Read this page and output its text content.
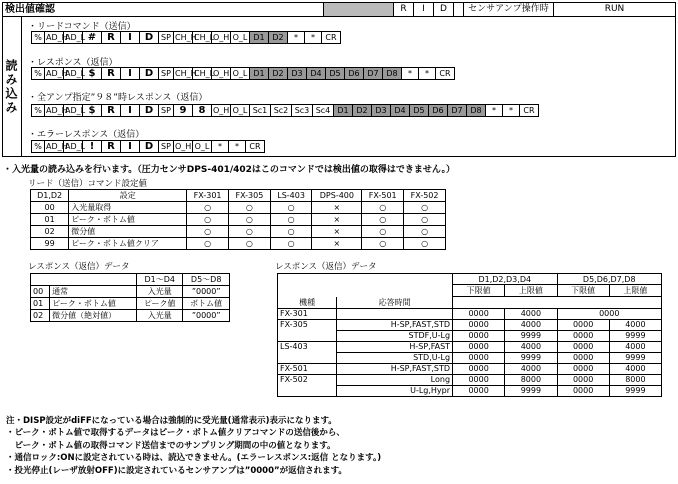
検出値確認	R	I	D	センサアンプ操作時	RUN
読み込み
・リードコマンド（送信）
% AD_H
AD_L #	R	I	D SP CH_H
CH_L
O_H O_L D1 D2	*	*	CR
・レスポンス（返信）
% AD_H
AD_L $	R	I	D SP CH_H
CH_L
O_H O_L D1 D2 D3 D4 D5 D6 D7 D8	*	*	CR
・全アンプ指定”９８”時レスポンス（返信）
% AD_H
AD_L $	R	I	D SP 9	8 O_H O_L Sc1 Sc2 Sc3 Sc4 D1 D2 D3 D4 D5 D6 D7 D8	*	*	CR
・エラーレスポンス（返信）
% AD_H
AD_L !	R	I	D SP O_H O_L	*	*	CR
・入光量の読み込みを行います。（圧力センサDPS-401/402はこのコマンドでは検出値の取得はできません。）
リード（送信）コマンド設定値
D1,D2	設定	FX-301	FX-305	LS-403	DPS-400	FX-501	FX-502
00	入光量取得	○	○	○	×	○	○
01	ピーク・ボトム値	○	○	○	×	○	○
02	微分値	○	○	○	×	○	○
99	ピーク・ボトム値クリア	○	○	○	×	○	○
レスポンス（返信）データ
		D1～D4	D5～D8
00	通常	入光量	”0000”
01	ピーク・ボトム値	ピーク値	ボトム値
02	微分値（絶対値）	入光量	”0000”
レスポンス（返信）データ
		D1,D2,D3,D4		D5,D6,D7,D8	
		下限値	上限値	下限値	上限値
機種	応答時間				
FX-301		0000	4000	0000	
FX-305	H-SP,FAST,STD	0000	4000	0000	4000
	STDF,U-Lg	0000	9999	0000	9999
LS-403	H-SP,FAST	0000	4000	0000	4000
	STD,U-Lg	0000	9999	0000	9999
FX-501	H-SP,FAST,STD	0000	4000	0000	4000
FX-502	Long	0000	8000	0000	8000
	U-Lg,Hypr	0000	9999	0000	9999
注・DISP設定がdiFFになっている場合は強制的に受光量(通常表示)表示になります。
・ピーク・ボトム値で取得するデータはピーク・ボトム値クリアコマンドの送信後から、
　ピーク・ボトム値の取得コマンド送信までのサンプリング期間の中の値となります。
・通信ロック:ONに設定されている時は、読込できません。(エラーレスポンス:返信 となります。)
・投光停止(レーザ放射OFF)に設定されているセンサアンプは”0000”が返信されます。
